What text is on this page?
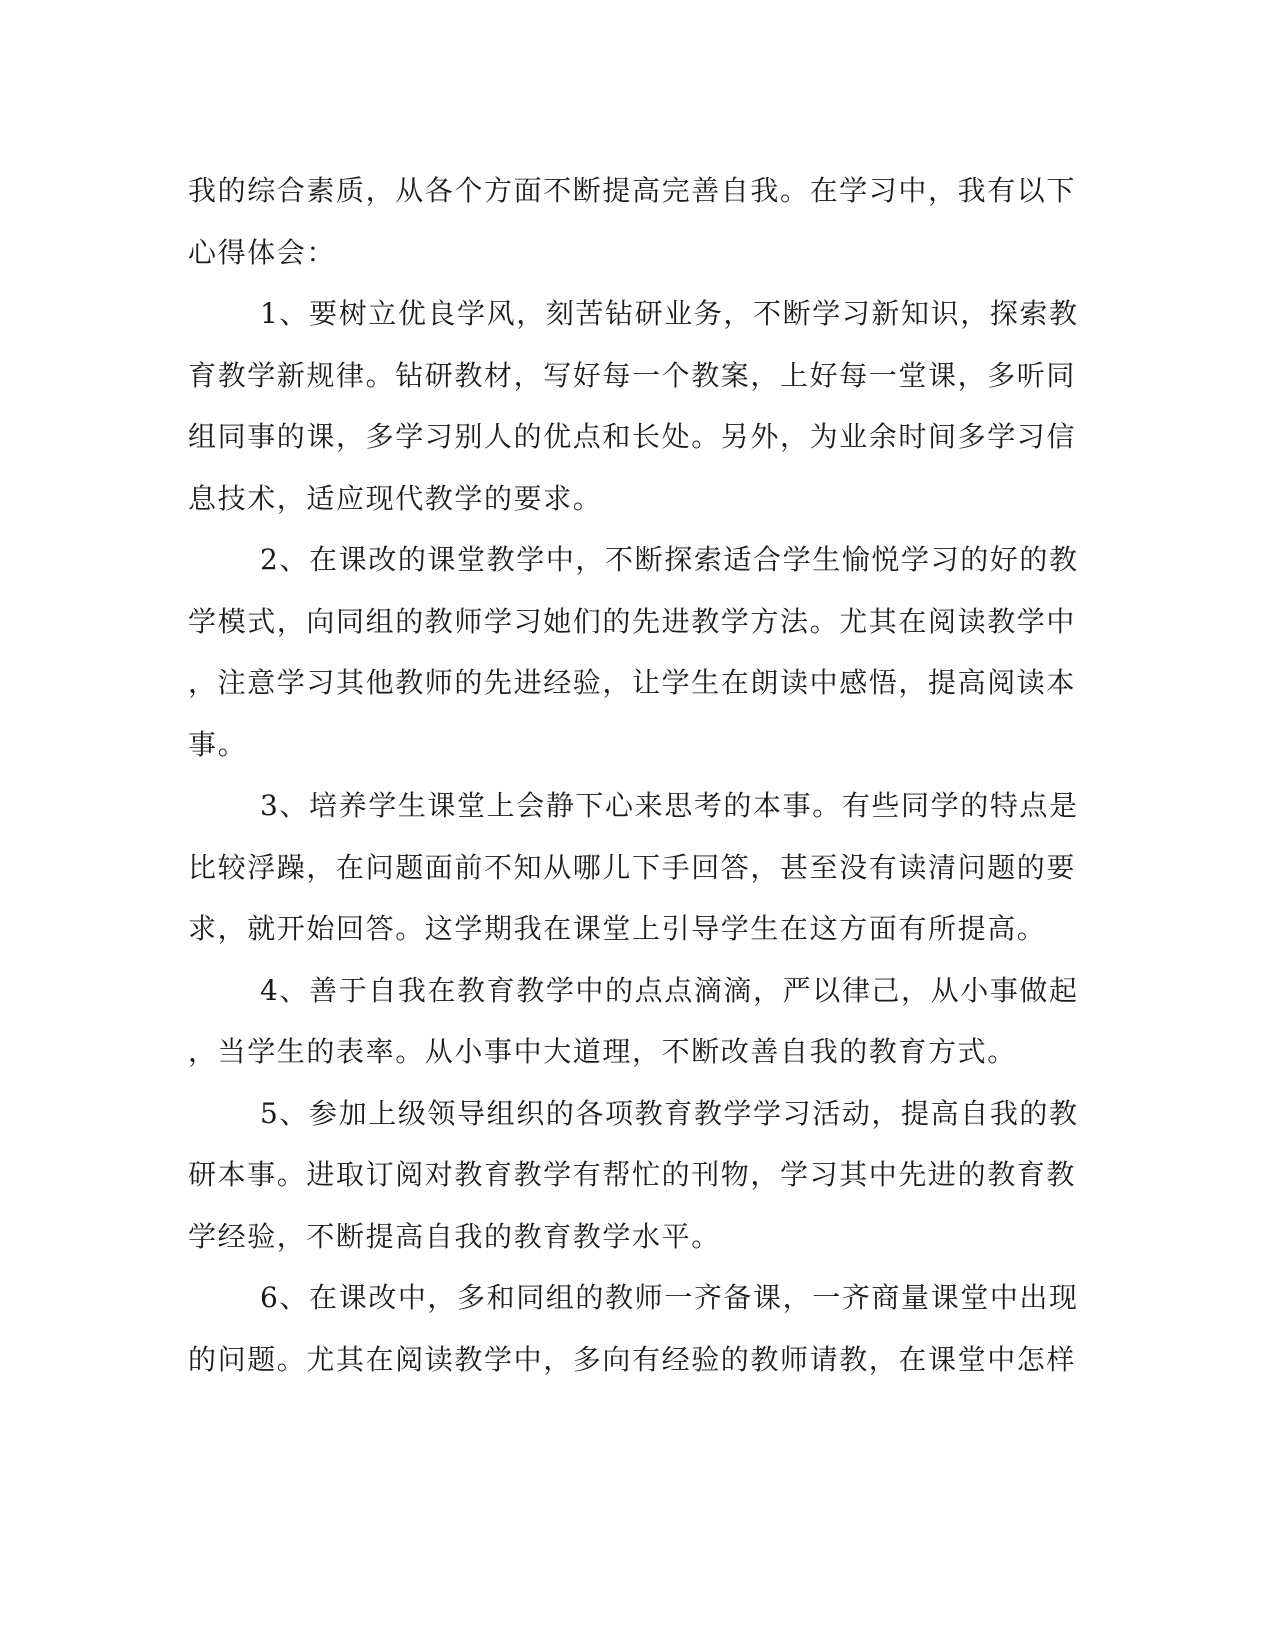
我的综合素质，从各个方面不断提高完善自我。在学习中，我有以下
心得体会：
1、要树立优良学风，刻苦钻研业务，不断学习新知识，探索教
育教学新规律。钻研教材，写好每一个教案，上好每一堂课，多听同
组同事的课，多学习别人的优点和长处。另外，为业余时间多学习信
息技术，适应现代教学的要求。
2、在课改的课堂教学中，不断探索适合学生愉悦学习的好的教
学模式，向同组的教师学习她们的先进教学方法。尤其在阅读教学中
，注意学习其他教师的先进经验，让学生在朗读中感悟，提高阅读本
事。
3、培养学生课堂上会静下心来思考的本事。有些同学的特点是
比较浮躁，在问题面前不知从哪儿下手回答，甚至没有读清问题的要
求，就开始回答。这学期我在课堂上引导学生在这方面有所提高。
4、善于自我在教育教学中的点点滴滴，严以律己，从小事做起
，当学生的表率。从小事中大道理，不断改善自我的教育方式。
5、参加上级领导组织的各项教育教学学习活动，提高自我的教
研本事。进取订阅对教育教学有帮忙的刊物，学习其中先进的教育教
学经验，不断提高自我的教育教学水平。
6、在课改中，多和同组的教师一齐备课，一齐商量课堂中出现
的问题。尤其在阅读教学中，多向有经验的教师请教，在课堂中怎样
